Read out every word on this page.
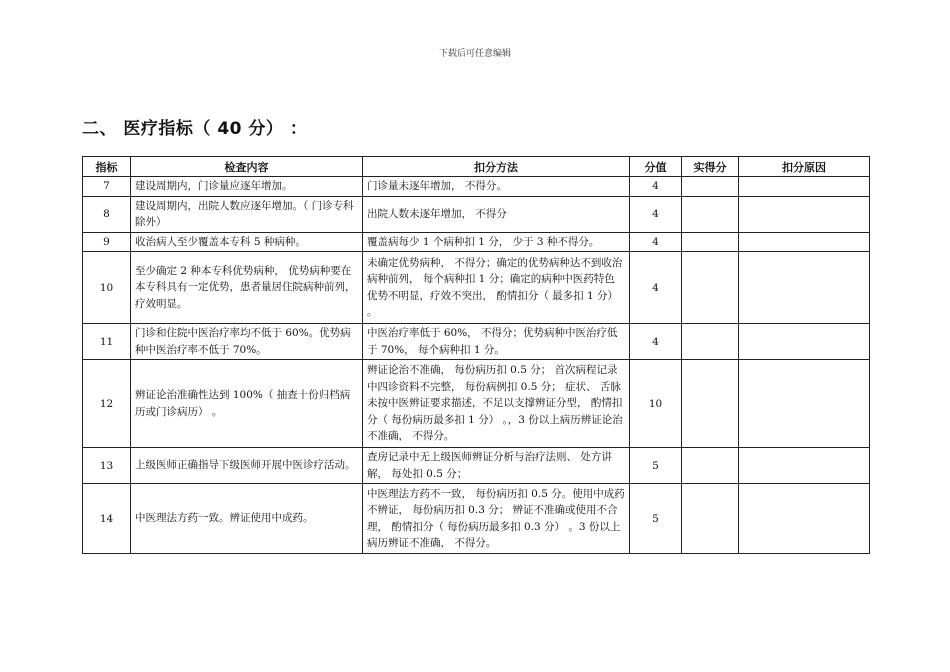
下载后可任意编辑
二、 医疗指标（ 40 分） ：
指标	检查内容	扣分方法	分值	实得分	扣分原因
7	建设周期内，门诊量应逐年增加。	门诊量未逐年增加， 不得分。	4		
8	建设周期内，出院人数应逐年增加。（ 门诊专科除外）	出院人数未逐年增加， 不得分	4		
9	收治病人至少覆盖本专科 5 种病种。	覆盖病每少 1 个病种扣 1 分， 少于 3 种不得分。	4		
10	至少确定 2 种本专科优势病种， 优势病种要在本专科具有一定优势，患者量居住院病种前列，疗效明显。	未确定优势病种， 不得分；确定的优势病种达不到收治病种前列， 每个病种扣 1 分；确定的病种中医药特色优势不明显，疗效不突出， 酌情扣分（ 最多扣 1 分） 。	4		
11	门诊和住院中医治疗率均不低于 60%。优势病种中医治疗率不低于 70%。	中医治疗率低于 60%， 不得分；优势病种中医治疗低于 70%， 每个病种扣 1 分。	4		
12	辨证论治准确性达到 100%（ 抽查十份归档病历或门诊病历） 。	辨证论治不准确， 每份病历扣 0.5 分； 首次病程记录中四诊资料不完整， 每份病例扣 0.5 分； 症状、 舌脉未按中医辨证要求描述，不足以支撑辨证分型， 酌情扣分（ 每份病历最多扣 1 分） 。，3 份以上病历辨证论治不准确， 不得分。	10		
13	上级医师正确指导下级医师开展中医诊疗活动。	查房记录中无上级医师辨证分析与治疗法则、 处方讲解， 每处扣 0.5 分；	5		
14	中医理法方药一致。辨证使用中成药。	中医理法方药不一致， 每份病历扣 0.5 分。使用中成药不辨证， 每份病历扣 0.3 分； 辨证不准确或使用不合理， 酌情扣分（ 每份病历最多扣 0.3 分） 。3 份以上病历辨证不准确， 不得分。	5		
